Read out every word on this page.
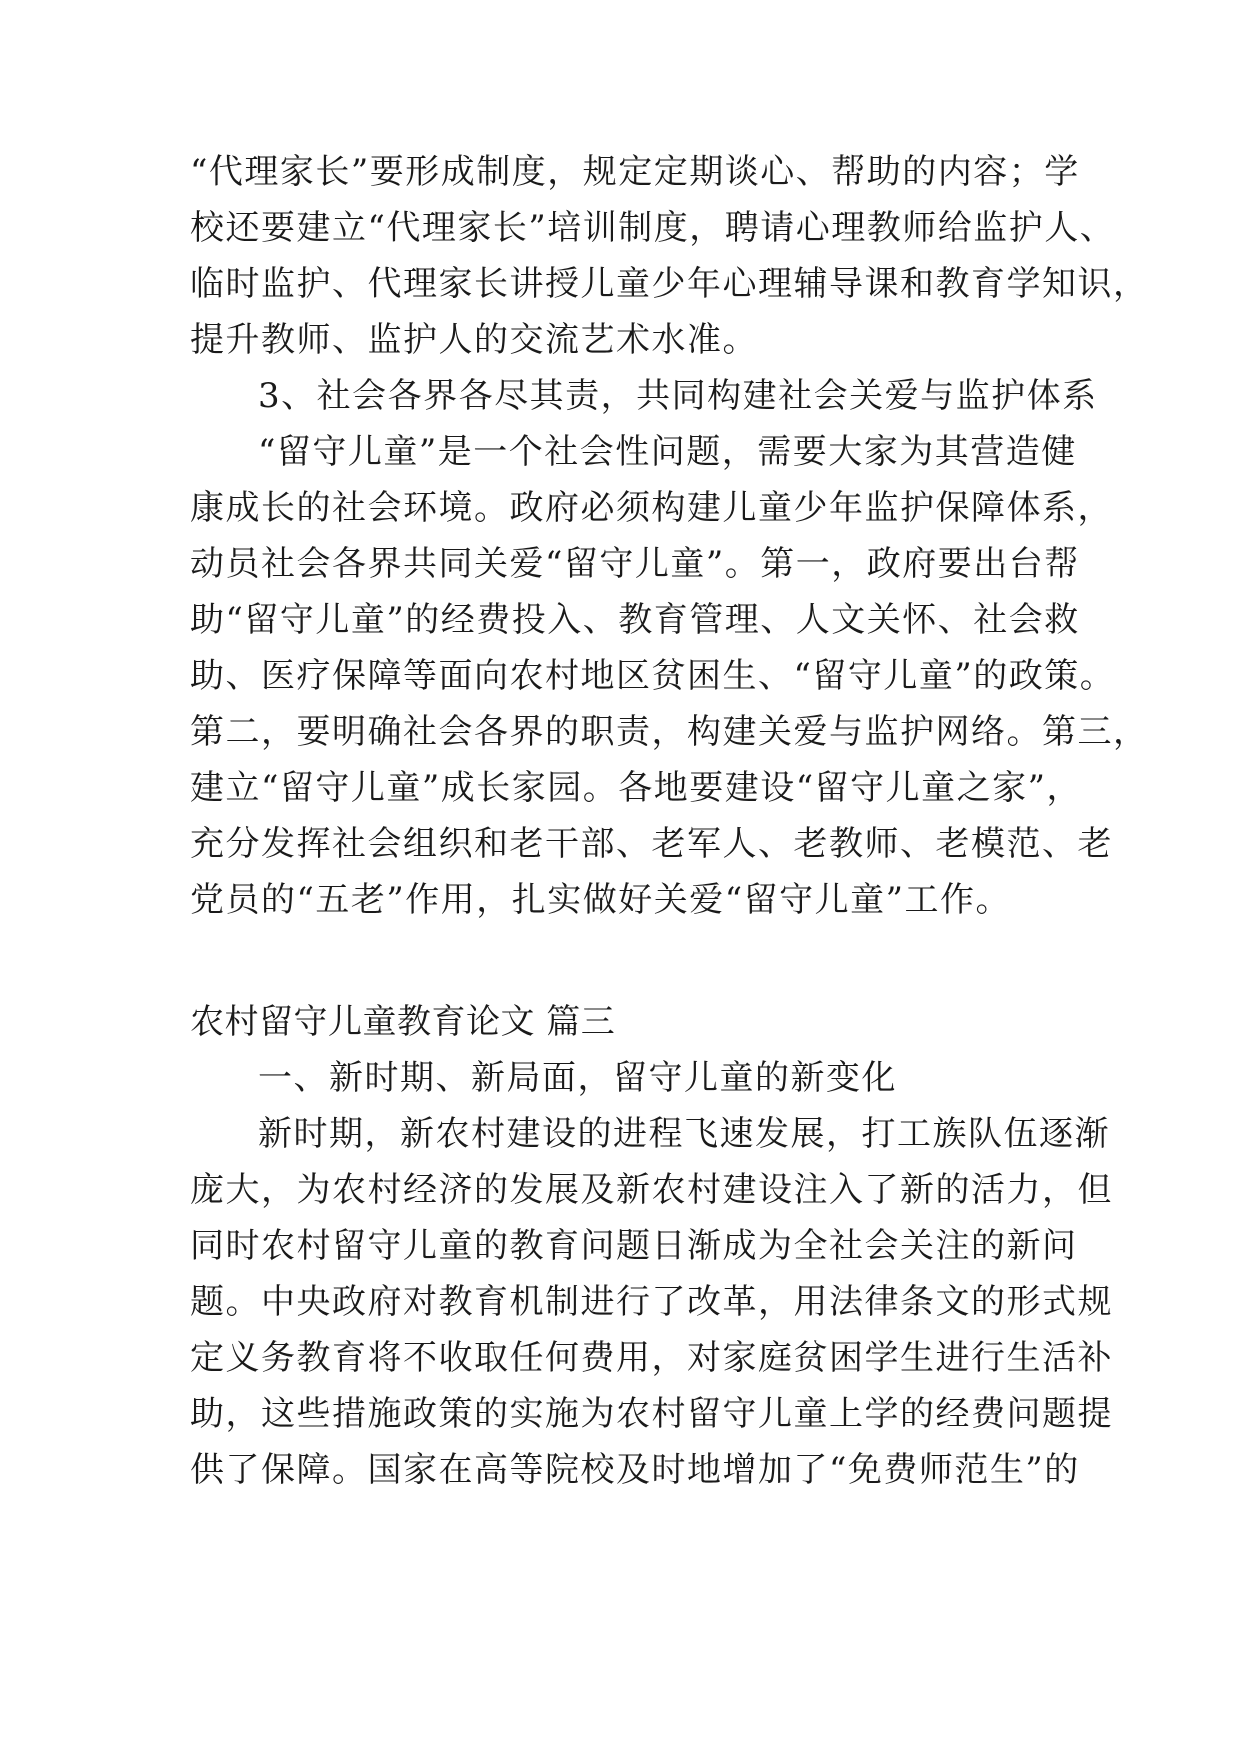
“代理家长”要形成制度，规定定期谈心、帮助的内容；学
校还要建立“代理家长”培训制度，聘请心理教师给监护人、
临时监护、代理家长讲授儿童少年心理辅导课和教育学知识，
提升教师、监护人的交流艺术水准。
3、社会各界各尽其责，共同构建社会关爱与监护体系
“留守儿童”是一个社会性问题，需要大家为其营造健
康成长的社会环境。政府必须构建儿童少年监护保障体系，
动员社会各界共同关爱“留守儿童”。第一，政府要出台帮
助“留守儿童”的经费投入、教育管理、人文关怀、社会救
助、医疗保障等面向农村地区贫困生、“留守儿童”的政策。
第二，要明确社会各界的职责，构建关爱与监护网络。第三，
建立“留守儿童”成长家园。各地要建设“留守儿童之家”，
充分发挥社会组织和老干部、老军人、老教师、老模范、老
党员的“五老”作用，扎实做好关爱“留守儿童”工作。
农村留守儿童教育论文 篇三
一、新时期、新局面，留守儿童的新变化
新时期，新农村建设的进程飞速发展，打工族队伍逐渐
庞大，为农村经济的发展及新农村建设注入了新的活力，但
同时农村留守儿童的教育问题日渐成为全社会关注的新问
题。中央政府对教育机制进行了改革，用法律条文的形式规
定义务教育将不收取任何费用，对家庭贫困学生进行生活补
助，这些措施政策的实施为农村留守儿童上学的经费问题提
供了保障。国家在高等院校及时地增加了“免费师范生”的
